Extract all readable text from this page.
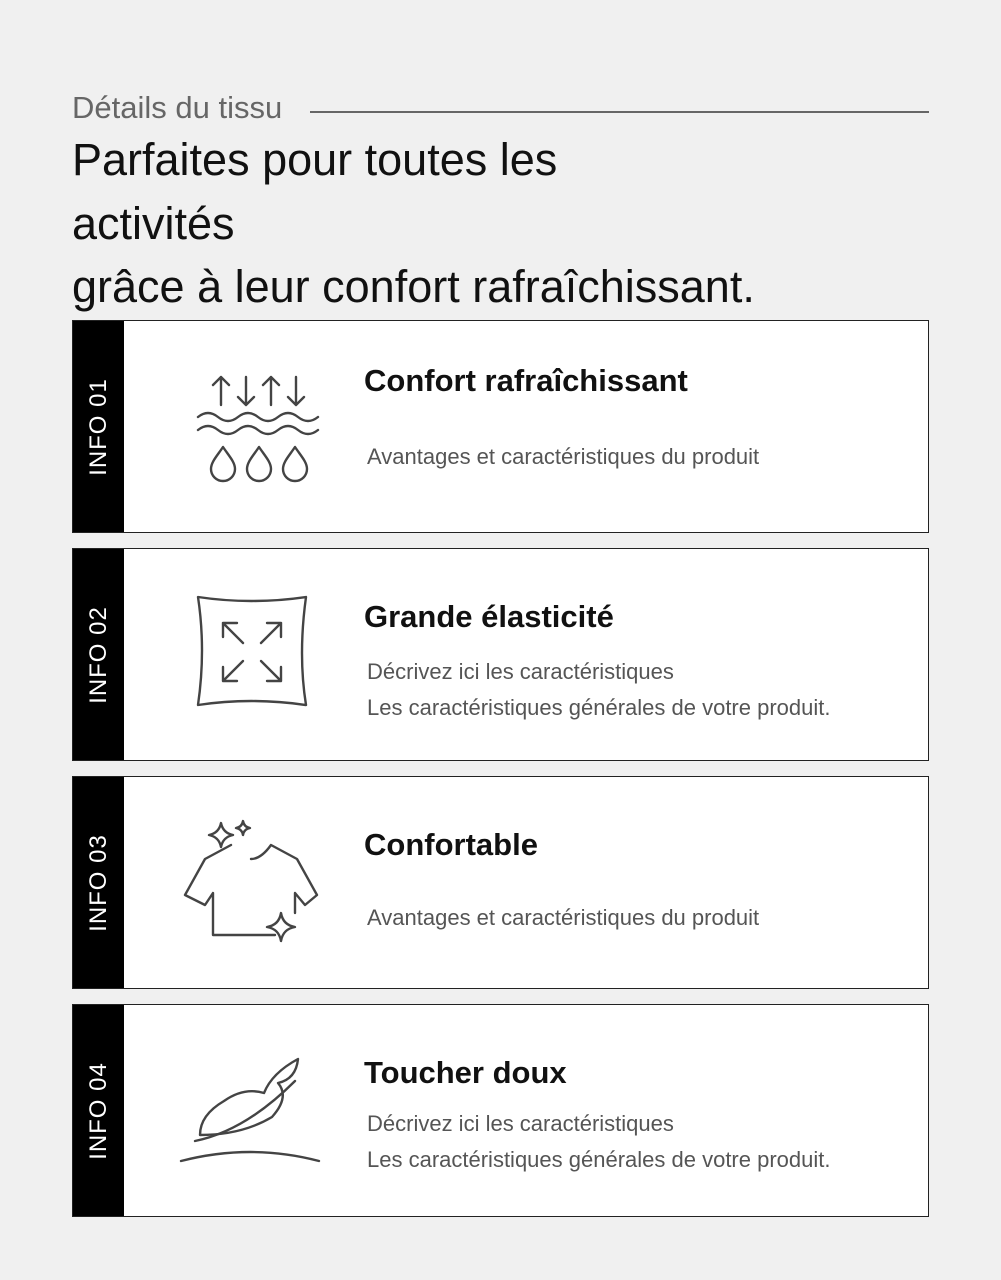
Détails du tissu
Parfaites pour toutes les
activités
grâce à leur confort rafraîchissant.
INFO 01	Confort rafraîchissant
Avantages et caractéristiques du produit
INFO 02	Grande élasticité
Décrivez ici les caractéristiques
Les caractéristiques générales de votre produit.
INFO 03	Confortable
Avantages et caractéristiques du produit
INFO 04	Toucher doux
Décrivez ici les caractéristiques
Les caractéristiques générales de votre produit.
